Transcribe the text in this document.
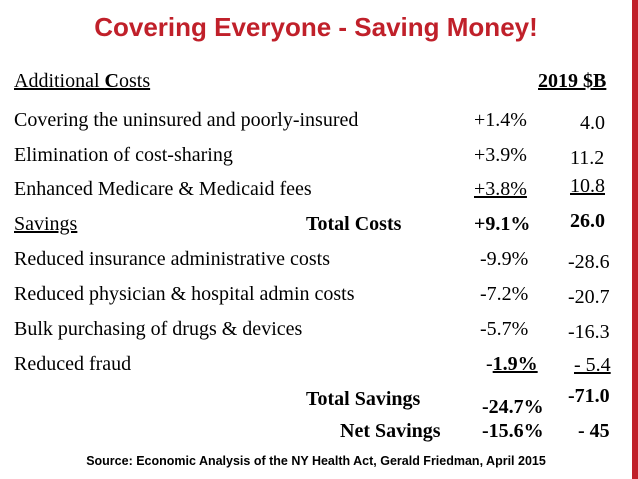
Covering Everyone - Saving Money!
Additional Costs	2019 $B
Covering the uninsured and poorly-insured	+1.4%	4.0
Elimination of cost-sharing	+3.9% 11.2
Enhanced Medicare & Medicaid fees	+3.8% 10.8
Savings	Total Costs	+9.1% 26.0
Reduced insurance administrative costs	-9.9% -28.6
Reduced physician & hospital admin costs	-7.2% -20.7
Bulk purchasing of drugs & devices	-5.7% -16.3
Reduced fraud	-1.9% - 5.4
Total Savings	-24.7% -71.0
Net Savings -15.6% - 45
Source: Economic Analysis of the NY Health Act, Gerald Friedman, April 2015
